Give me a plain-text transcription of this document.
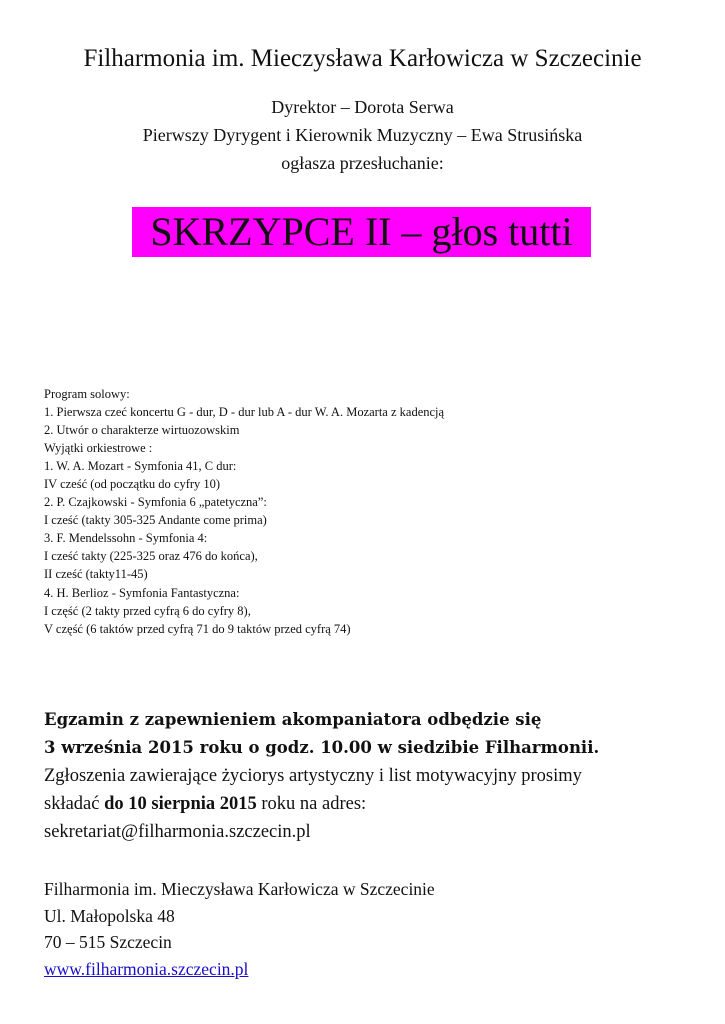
Filharmonia im. Mieczysława Karłowicza w Szczecinie
Dyrektor – Dorota Serwa
Pierwszy Dyrygent i Kierownik Muzyczny – Ewa Strusińska
ogłasza przesłuchanie:
SKRZYPCE II – głos tutti
Program solowy:
1. Pierwsza czeć koncertu G - dur, D - dur lub A - dur W. A. Mozarta z kadencją
2. Utwór o charakterze wirtuozowskim
Wyjątki orkiestrowe :
1. W. A. Mozart - Symfonia 41, C dur:
IV cześć (od początku do cyfry 10)
2. P. Czajkowski - Symfonia 6 „patetyczna”:
I cześć (takty 305-325 Andante come prima)
3. F. Mendelssohn - Symfonia 4:
I cześć takty (225-325 oraz 476 do końca),
II cześć (takty11-45)
4. H. Berlioz - Symfonia Fantastyczna:
I część (2 takty przed cyfrą 6 do cyfry 8),
V część (6 taktów przed cyfrą 71 do 9 taktów przed cyfrą 74)
Egzamin z zapewnieniem akompaniatora odbędzie się
3 września 2015 roku o godz. 10.00 w siedzibie Filharmonii.
Zgłoszenia zawierające życiorys artystyczny i list motywacyjny prosimy
składać do 10 sierpnia 2015 roku na adres:
sekretariat@filharmonia.szczecin.pl
Filharmonia im. Mieczysława Karłowicza w Szczecinie
Ul. Małopolska 48
70 – 515 Szczecin
www.filharmonia.szczecin.pl
